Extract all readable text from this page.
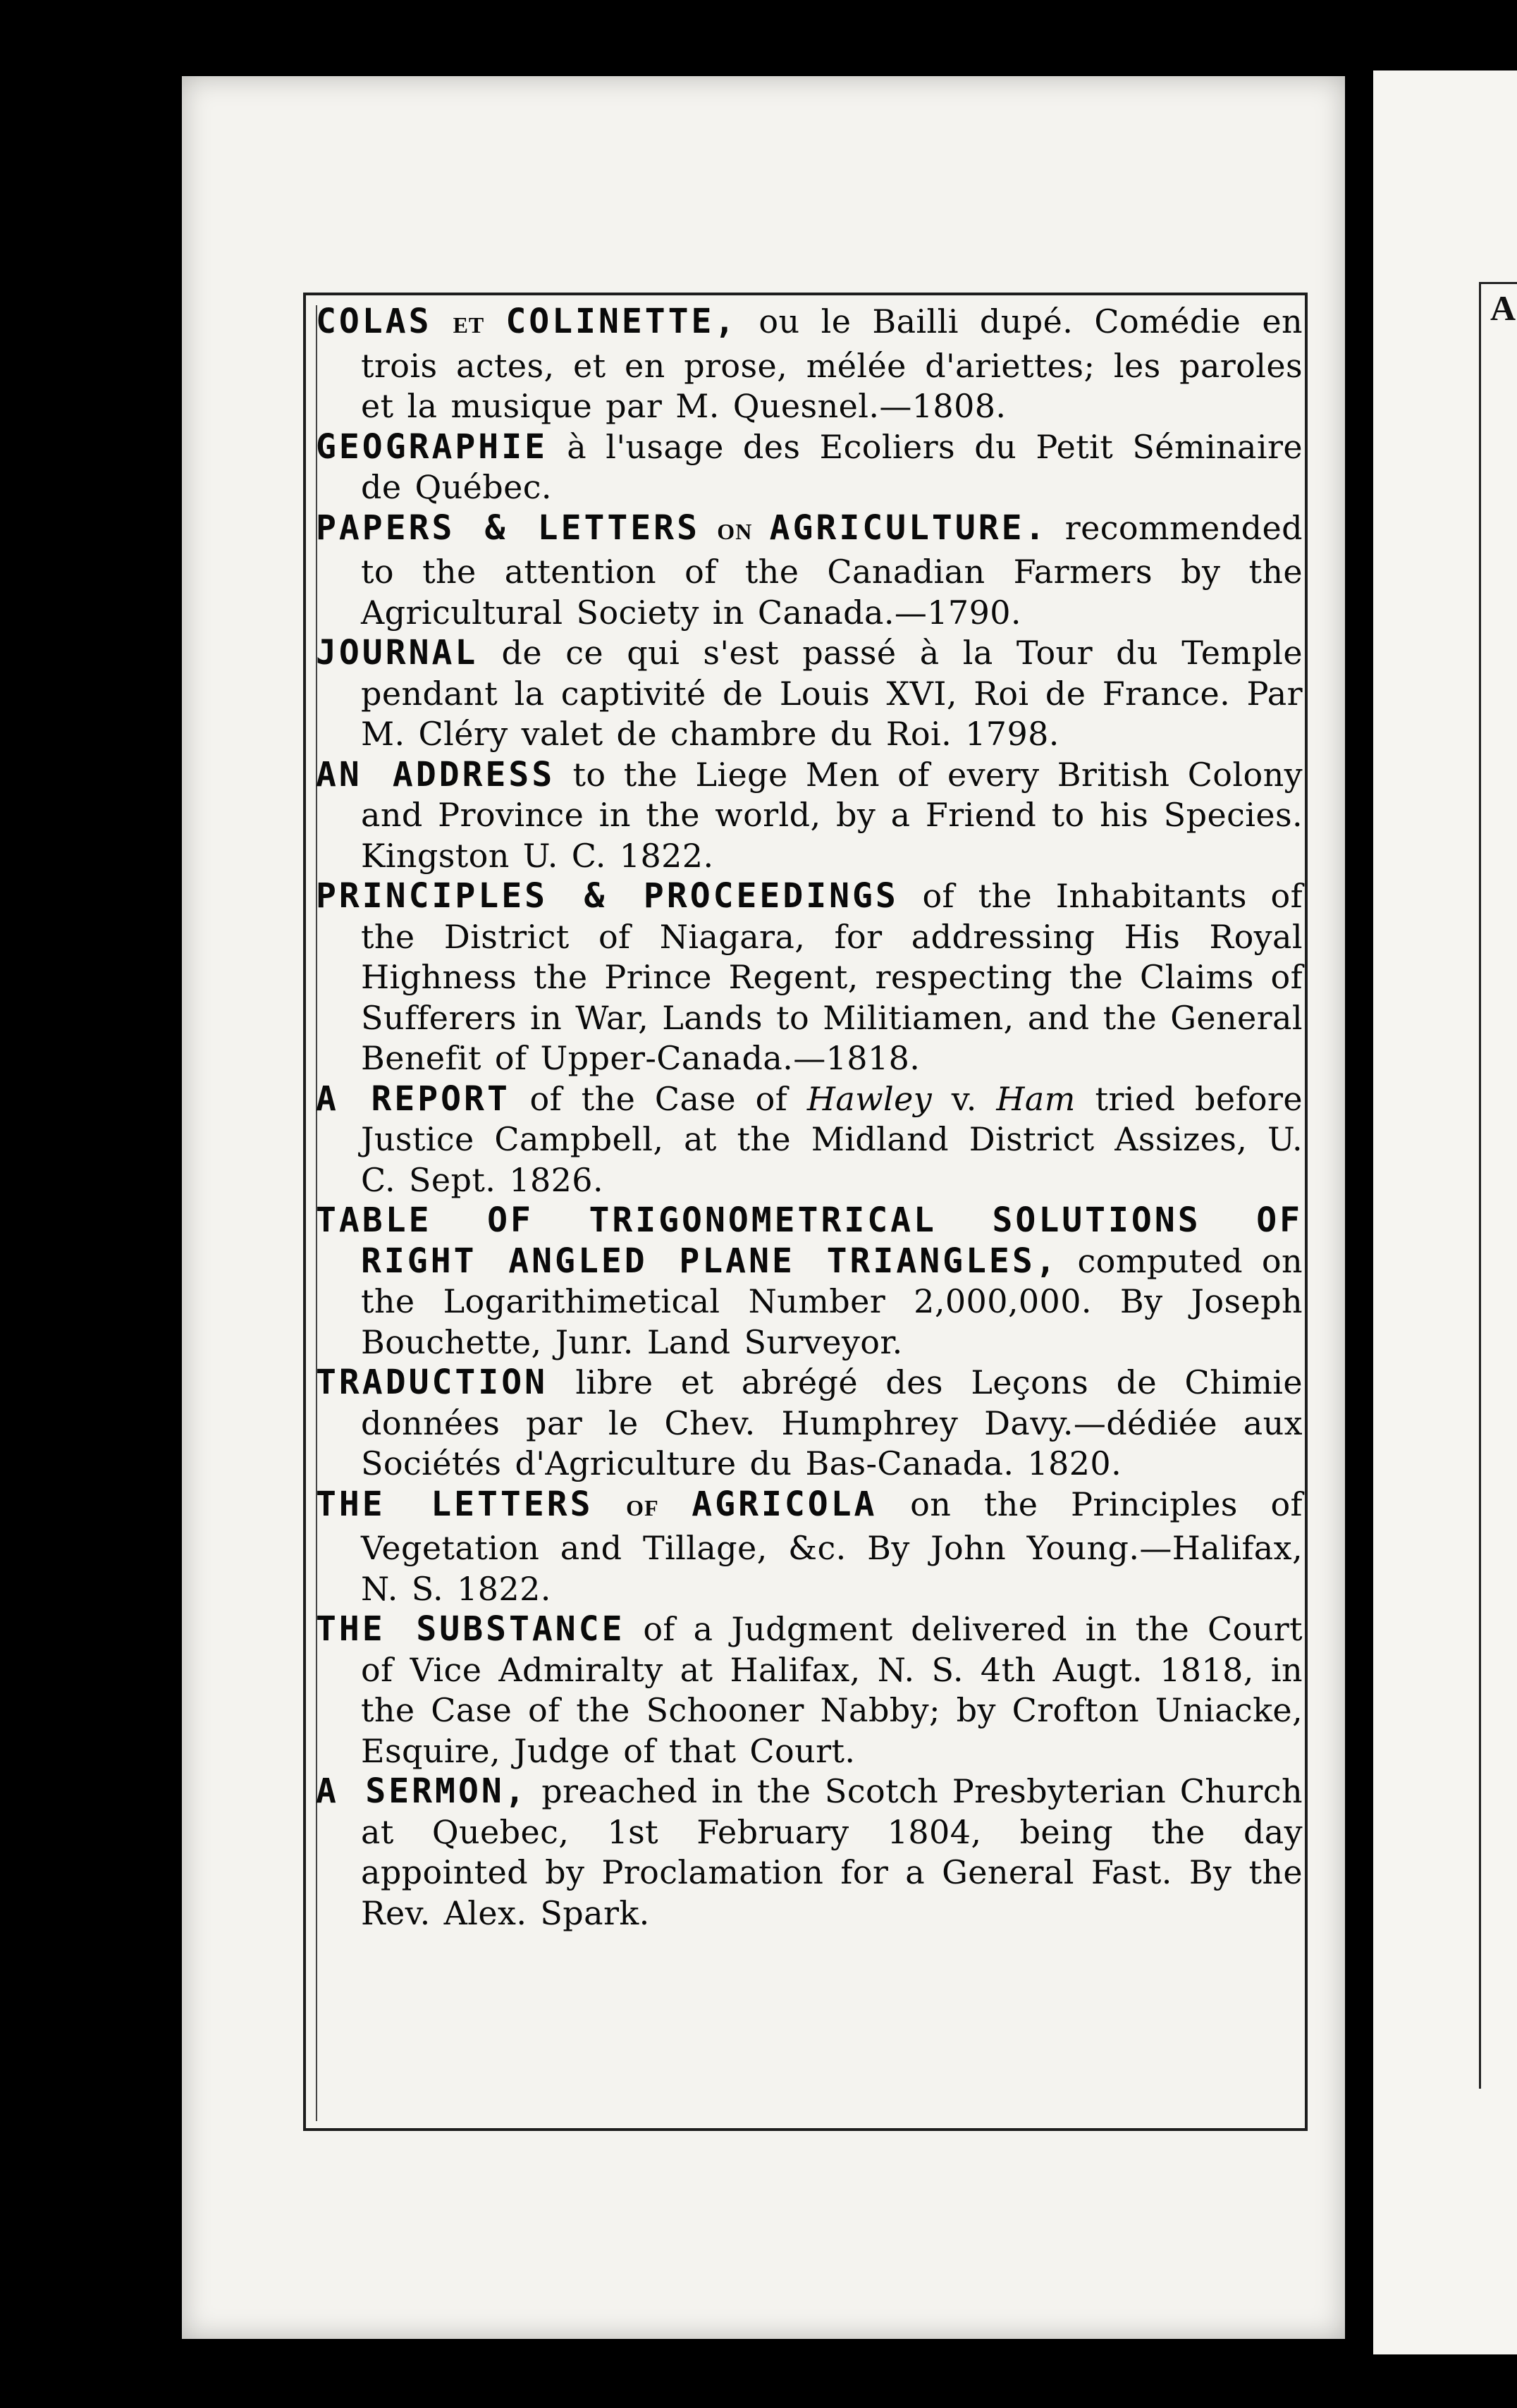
A

COLAS ET COLINETTE, ou le Bailli dupé. Comédie en trois actes, et en prose, mélée d'ariettes; les paroles et la musique par M. Quesnel.—1808.

GEOGRAPHIE à l'usage des Ecoliers du Petit Séminaire de Québec.

PAPERS & LETTERS ON AGRICULTURE. recommended to the attention of the Canadian Farmers by the Agricultural Society in Canada.—1790.

JOURNAL de ce qui s'est passé à la Tour du Temple pendant la captivité de Louis XVI, Roi de France. Par M. Cléry valet de chambre du Roi. 1798.

AN ADDRESS to the Liege Men of every British Colony and Province in the world, by a Friend to his Species. Kingston U. C. 1822.

PRINCIPLES & PROCEEDINGS of the Inhabitants of the District of Niagara, for addressing His Royal Highness the Prince Regent, respecting the Claims of Sufferers in War, Lands to Militiamen, and the General Benefit of Upper-Canada.—1818.

A REPORT of the Case of Hawley v. Ham tried before Justice Campbell, at the Midland District Assizes, U. C. Sept. 1826.

TABLE OF TRIGONOMETRICAL SOLUTIONS OF RIGHT ANGLED PLANE TRIANGLES, computed on the Logarithimetical Number 2,000,000. By Joseph Bouchette, Junr. Land Surveyor.

TRADUCTION libre et abrégé des Leçons de Chimie données par le Chev. Humphrey Davy.—dédiée aux Sociétés d'Agriculture du Bas-Canada. 1820.

THE LETTERS OF AGRICOLA on the Principles of Vegetation and Tillage, &c. By John Young.—Halifax, N. S. 1822.

THE SUBSTANCE of a Judgment delivered in the Court of Vice Admiralty at Halifax, N. S. 4th Augt. 1818, in the Case of the Schooner Nabby; by Crofton Uniacke, Esquire, Judge of that Court.

A SERMON, preached in the Scotch Presbyterian Church at Quebec, 1st February 1804, being the day appointed by Proclamation for a General Fast. By the Rev. Alex. Spark.
